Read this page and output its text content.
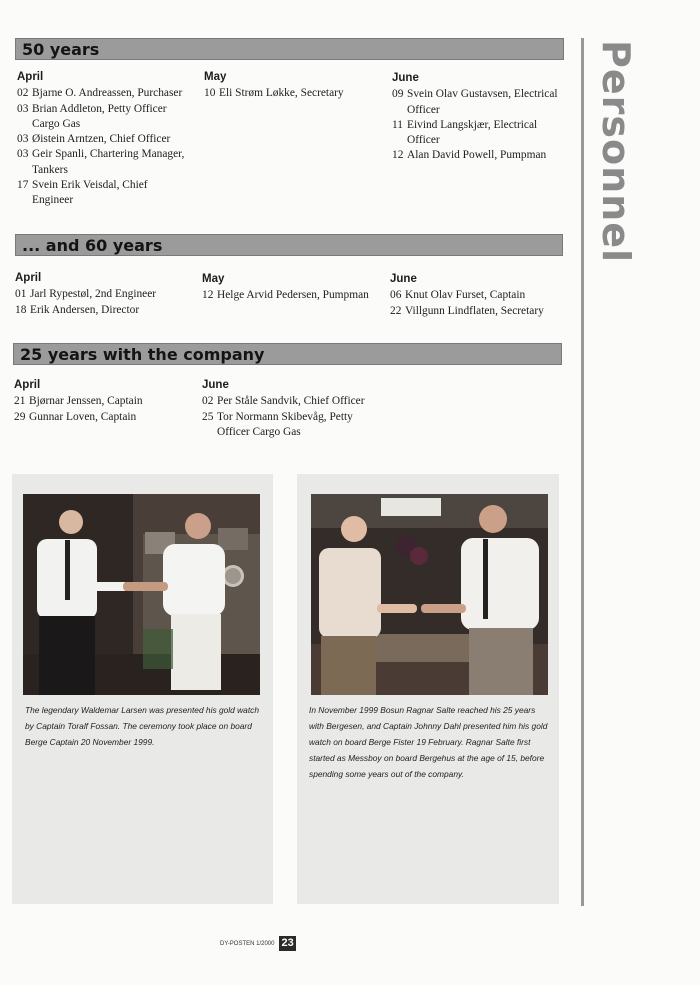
Personnel
50 years
April
02 Bjarne O. Andreassen, Purchaser
03 Brian Addleton, Petty Officer Cargo Gas
03 Øistein Arntzen, Chief Officer
03 Geir Spanli, Chartering Manager, Tankers
17 Svein Erik Veisdal, Chief Engineer
May
10 Eli Strøm Løkke, Secretary
June
09 Svein Olav Gustavsen, Electrical Officer
11 Eivind Langskjær, Electrical Officer
12 Alan David Powell, Pumpman
... and 60 years
April
01 Jarl Rypestøl, 2nd Engineer
18 Erik Andersen, Director
May
12 Helge Arvid Pedersen, Pumpman
June
06 Knut Olav Furset, Captain
22 Villgunn Lindflaten, Secretary
25 years with the company
April
21 Bjørnar Jenssen, Captain
29 Gunnar Loven, Captain
June
02 Per Ståle Sandvik, Chief Officer
25 Tor Normann Skibevåg, Petty Officer Cargo Gas
The legendary Waldemar Larsen was presented his gold watch by Captain Toralf Fossan. The ceremony took place on board Berge Captain 20 November 1999.
In November 1999 Bosun Ragnar Salte reached his 25 years with Bergesen, and Captain Johnny Dahl presented him his gold watch on board Berge Fister 19 February. Ragnar Salte first started as Messboy on board Bergehus at the age of 15, before spending some years out of the company.
DY-POSTEN 1/2000 23
